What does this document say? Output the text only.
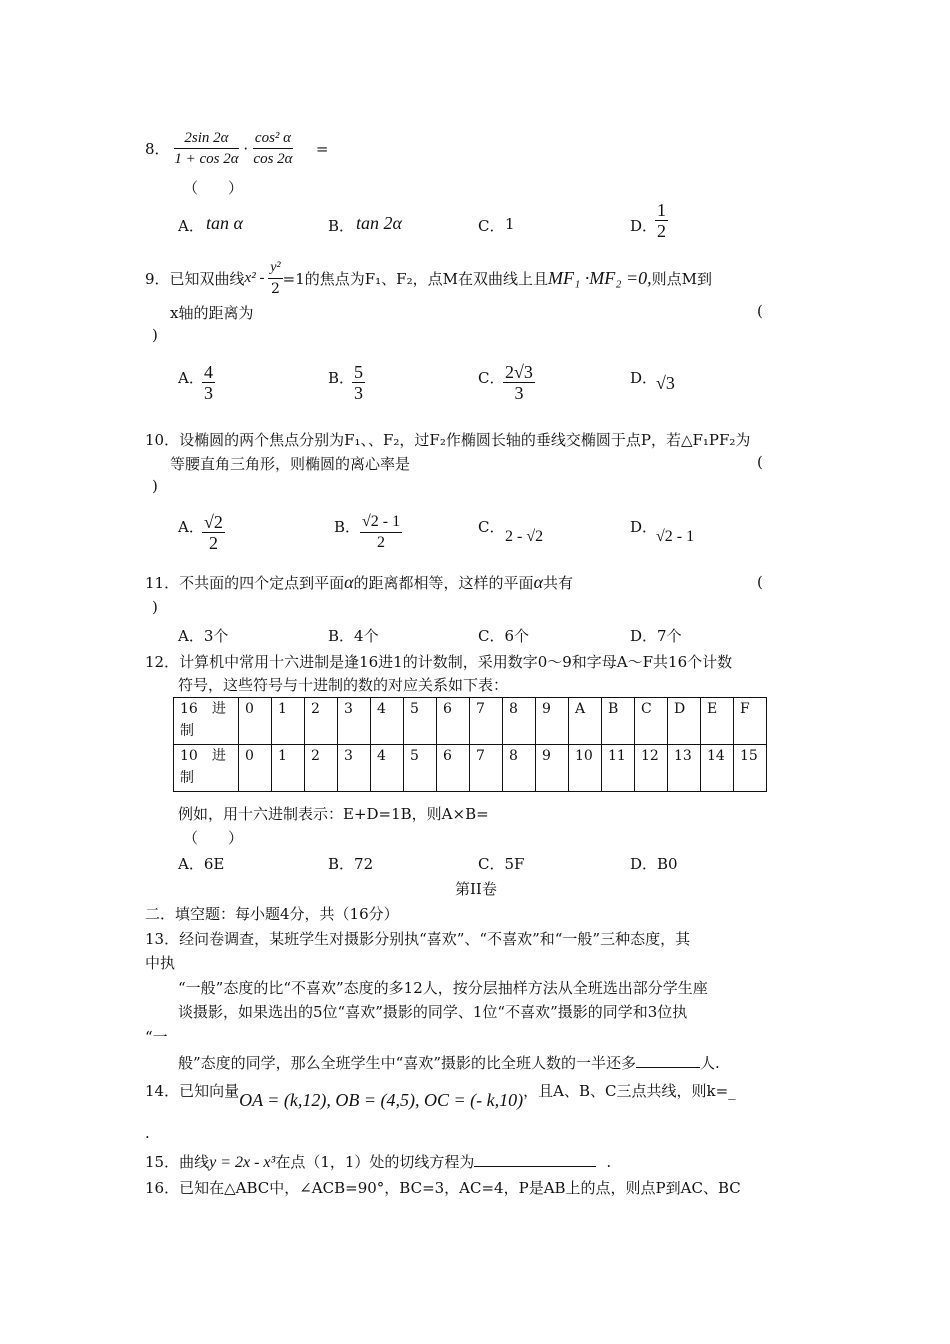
8． $\frac{2\sin 2\alpha}{1 + \cos 2\alpha} \cdot \frac{\text{cos² α}}{\cos 2\alpha}$ =
（　　）
A． tan α	B． tan 2α	C． 1	D．
$\frac{1}{2}$
9．已知双曲线$x^2 - \frac{\text{y²}}{2} =1$的焦点为F₁、F₂，点M在双曲线上且MF₁ ·MF₂ =0,则点M到
x轴的距离为	(
)
A．
$\frac{4}{3}$	B．
$\frac{5}{3}$	C．
$\frac{2√3}{3}$	D．
√3
10．设椭圆的两个焦点分别为F₁、、F₂，过F₂作椭圆长轴的垂线交椭圆于点P，若△F₁PF₂为
等腰直角三角形，则椭圆的离心率是	(
)
A．
$\frac{√2}{2}$	B． $\frac{√2 - 1}{2}$	C．
2 - √2
D．
√2 - 1
11．不共面的四个定点到平面α的距离都相等，这样的平面α共有	(
)
A．3个	B．4个	C．6个	D．7个
12．计算机中常用十六进制是逢16进1的计数制，采用数字0～9和字母A～F共16个计数
符号，这些符号与十进制的数的对应关系如下表：
16　进制	0	1	2	3	4	5	6	7	8	9	A	B	C	D	E	F
10　进制	0	1	2	3	4	5	6	7	8	9	10	11	12	13	14	15
例如，用十六进制表示：E+D=1B，则A×B=
（　　）
A．6E	B．72	C．5F	D．B0
第II卷
二．填空题：每小题4分，共（16分）
13．经问卷调查，某班学生对摄影分别执“喜欢”、“不喜欢”和“一般”三种态度，其
中执
“一般”态度的比“不喜欢”态度的多12人，按分层抽样方法从全班选出部分学生座
谈摄影，如果选出的5位“喜欢”摄影的同学、1位“不喜欢”摄影的同学和3位执
“一
般”态度的同学，那么全班学生中“喜欢”摄影的比全班人数的一半还多	人.
14．已知向量OA = (k,12), OB = (4,5), OC = (- k,10)，且A、B、C三点共线，则k=_
.
15．曲线y = 2x - x³在点（1，1）处的切线方程为	.
16．已知在△ABC中，∠ACB=90°，BC=3，AC=4，P是AB上的点，则点P到AC、BC
